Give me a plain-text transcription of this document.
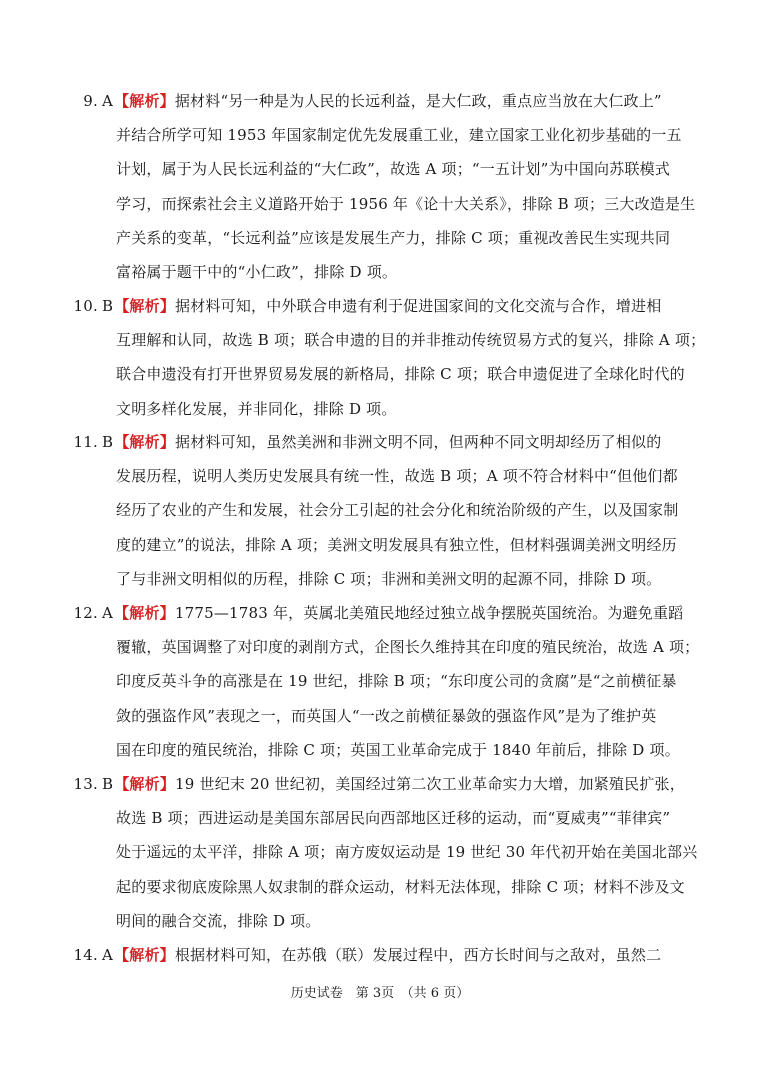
9. A【解析】据材料“另一种是为人民的长远利益，是大仁政，重点应当放在大仁政上”
并结合所学可知 1953 年国家制定优先发展重工业，建立国家工业化初步基础的一五
计划，属于为人民长远利益的“大仁政”，故选 A 项；“一五计划”为中国向苏联模式
学习，而探索社会主义道路开始于 1956 年《论十大关系》，排除 B 项；三大改造是生
产关系的变革，“长远利益”应该是发展生产力，排除 C 项；重视改善民生实现共同
富裕属于题干中的“小仁政”，排除 D 项。
10. B【解析】据材料可知，中外联合申遗有利于促进国家间的文化交流与合作，增进相
互理解和认同，故选 B 项；联合申遗的目的并非推动传统贸易方式的复兴，排除 A 项；
联合申遗没有打开世界贸易发展的新格局，排除 C 项；联合申遗促进了全球化时代的
文明多样化发展，并非同化，排除 D 项。
11. B【解析】据材料可知，虽然美洲和非洲文明不同，但两种不同文明却经历了相似的
发展历程，说明人类历史发展具有统一性，故选 B 项；A 项不符合材料中“但他们都
经历了农业的产生和发展，社会分工引起的社会分化和统治阶级的产生，以及国家制
度的建立”的说法，排除 A 项；美洲文明发展具有独立性，但材料强调美洲文明经历
了与非洲文明相似的历程，排除 C 项；非洲和美洲文明的起源不同，排除 D 项。
12. A【解析】1775—1783 年，英属北美殖民地经过独立战争摆脱英国统治。为避免重蹈
覆辙，英国调整了对印度的剥削方式，企图长久维持其在印度的殖民统治，故选 A 项；
印度反英斗争的高涨是在 19 世纪，排除 B 项；“东印度公司的贪腐”是“之前横征暴
敛的强盗作风”表现之一，而英国人“一改之前横征暴敛的强盗作风”是为了维护英
国在印度的殖民统治，排除 C 项；英国工业革命完成于 1840 年前后，排除 D 项。
13. B【解析】19 世纪末 20 世纪初，美国经过第二次工业革命实力大增，加紧殖民扩张，
故选 B 项；西进运动是美国东部居民向西部地区迁移的运动，而“夏威夷”“菲律宾”
处于遥远的太平洋，排除 A 项；南方废奴运动是 19 世纪 30 年代初开始在美国北部兴
起的要求彻底废除黑人奴隶制的群众运动，材料无法体现，排除 C 项；材料不涉及文
明间的融合交流，排除 D 项。
14. A【解析】根据材料可知，在苏俄（联）发展过程中，西方长时间与之敌对，虽然二
历史试卷　第 3页　（共 6 页）
